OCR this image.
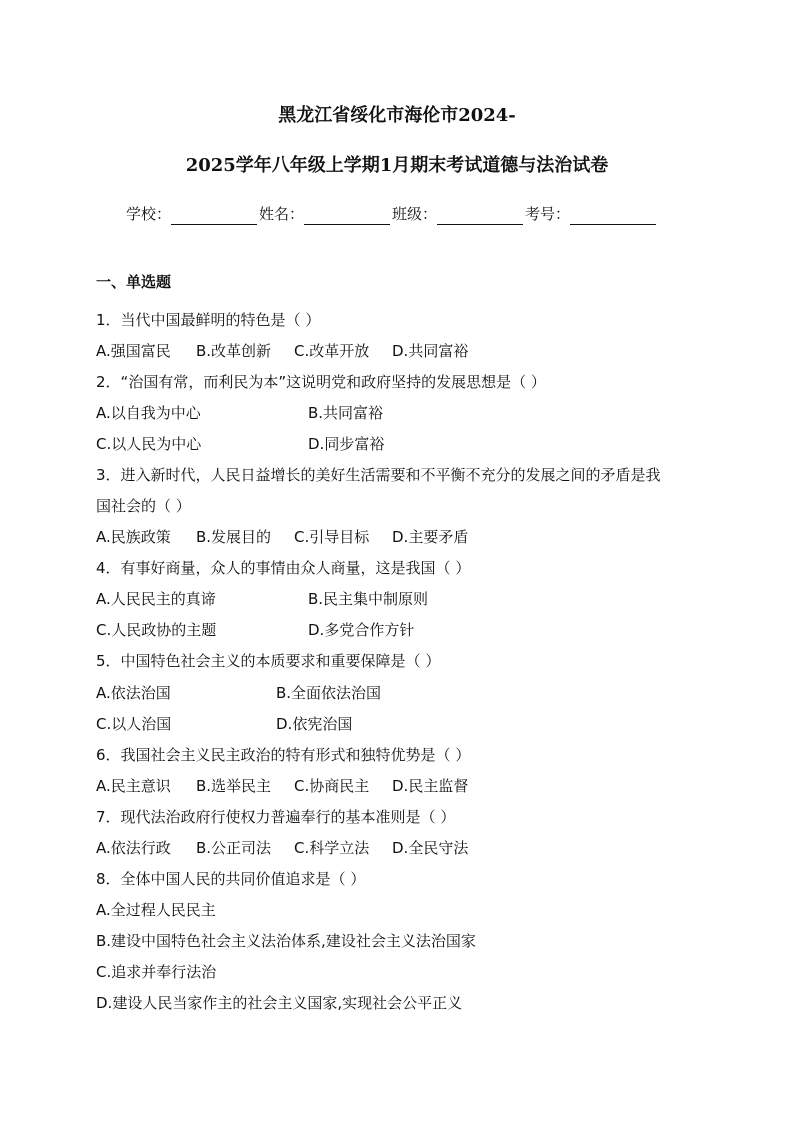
黑龙江省绥化市海伦市2024-
2025学年八年级上学期1月期末考试道德与法治试卷
学校：	姓名：	班级：	考号：
一、单选题
1．当代中国最鲜明的特色是（ ）
A.强国富民 B.改革创新 C.改革开放 D.共同富裕
2．“治国有常，而利民为本”这说明党和政府坚持的发展思想是（ ）
A.以自我为中心	B.共同富裕
C.以人民为中心	D.同步富裕
3．进入新时代，人民日益增长的美好生活需要和不平衡不充分的发展之间的矛盾是我
国社会的（ ）
A.民族政策 B.发展目的 C.引导目标 D.主要矛盾
4．有事好商量，众人的事情由众人商量，这是我国（ ）
A.人民民主的真谛	B.民主集中制原则
C.人民政协的主题	D.多党合作方针
5．中国特色社会主义的本质要求和重要保障是（ ）
A.依法治国	B.全面依法治国
C.以人治国	D.依宪治国
6．我国社会主义民主政治的特有形式和独特优势是（ ）
A.民主意识 B.选举民主 C.协商民主 D.民主监督
7．现代法治政府行使权力普遍奉行的基本准则是（ ）
A.依法行政 B.公正司法 C.科学立法 D.全民守法
8．全体中国人民的共同价值追求是（ ）
A.全过程人民民主
B.建设中国特色社会主义法治体系,建设社会主义法治国家
C.追求并奉行法治
D.建设人民当家作主的社会主义国家,实现社会公平正义
